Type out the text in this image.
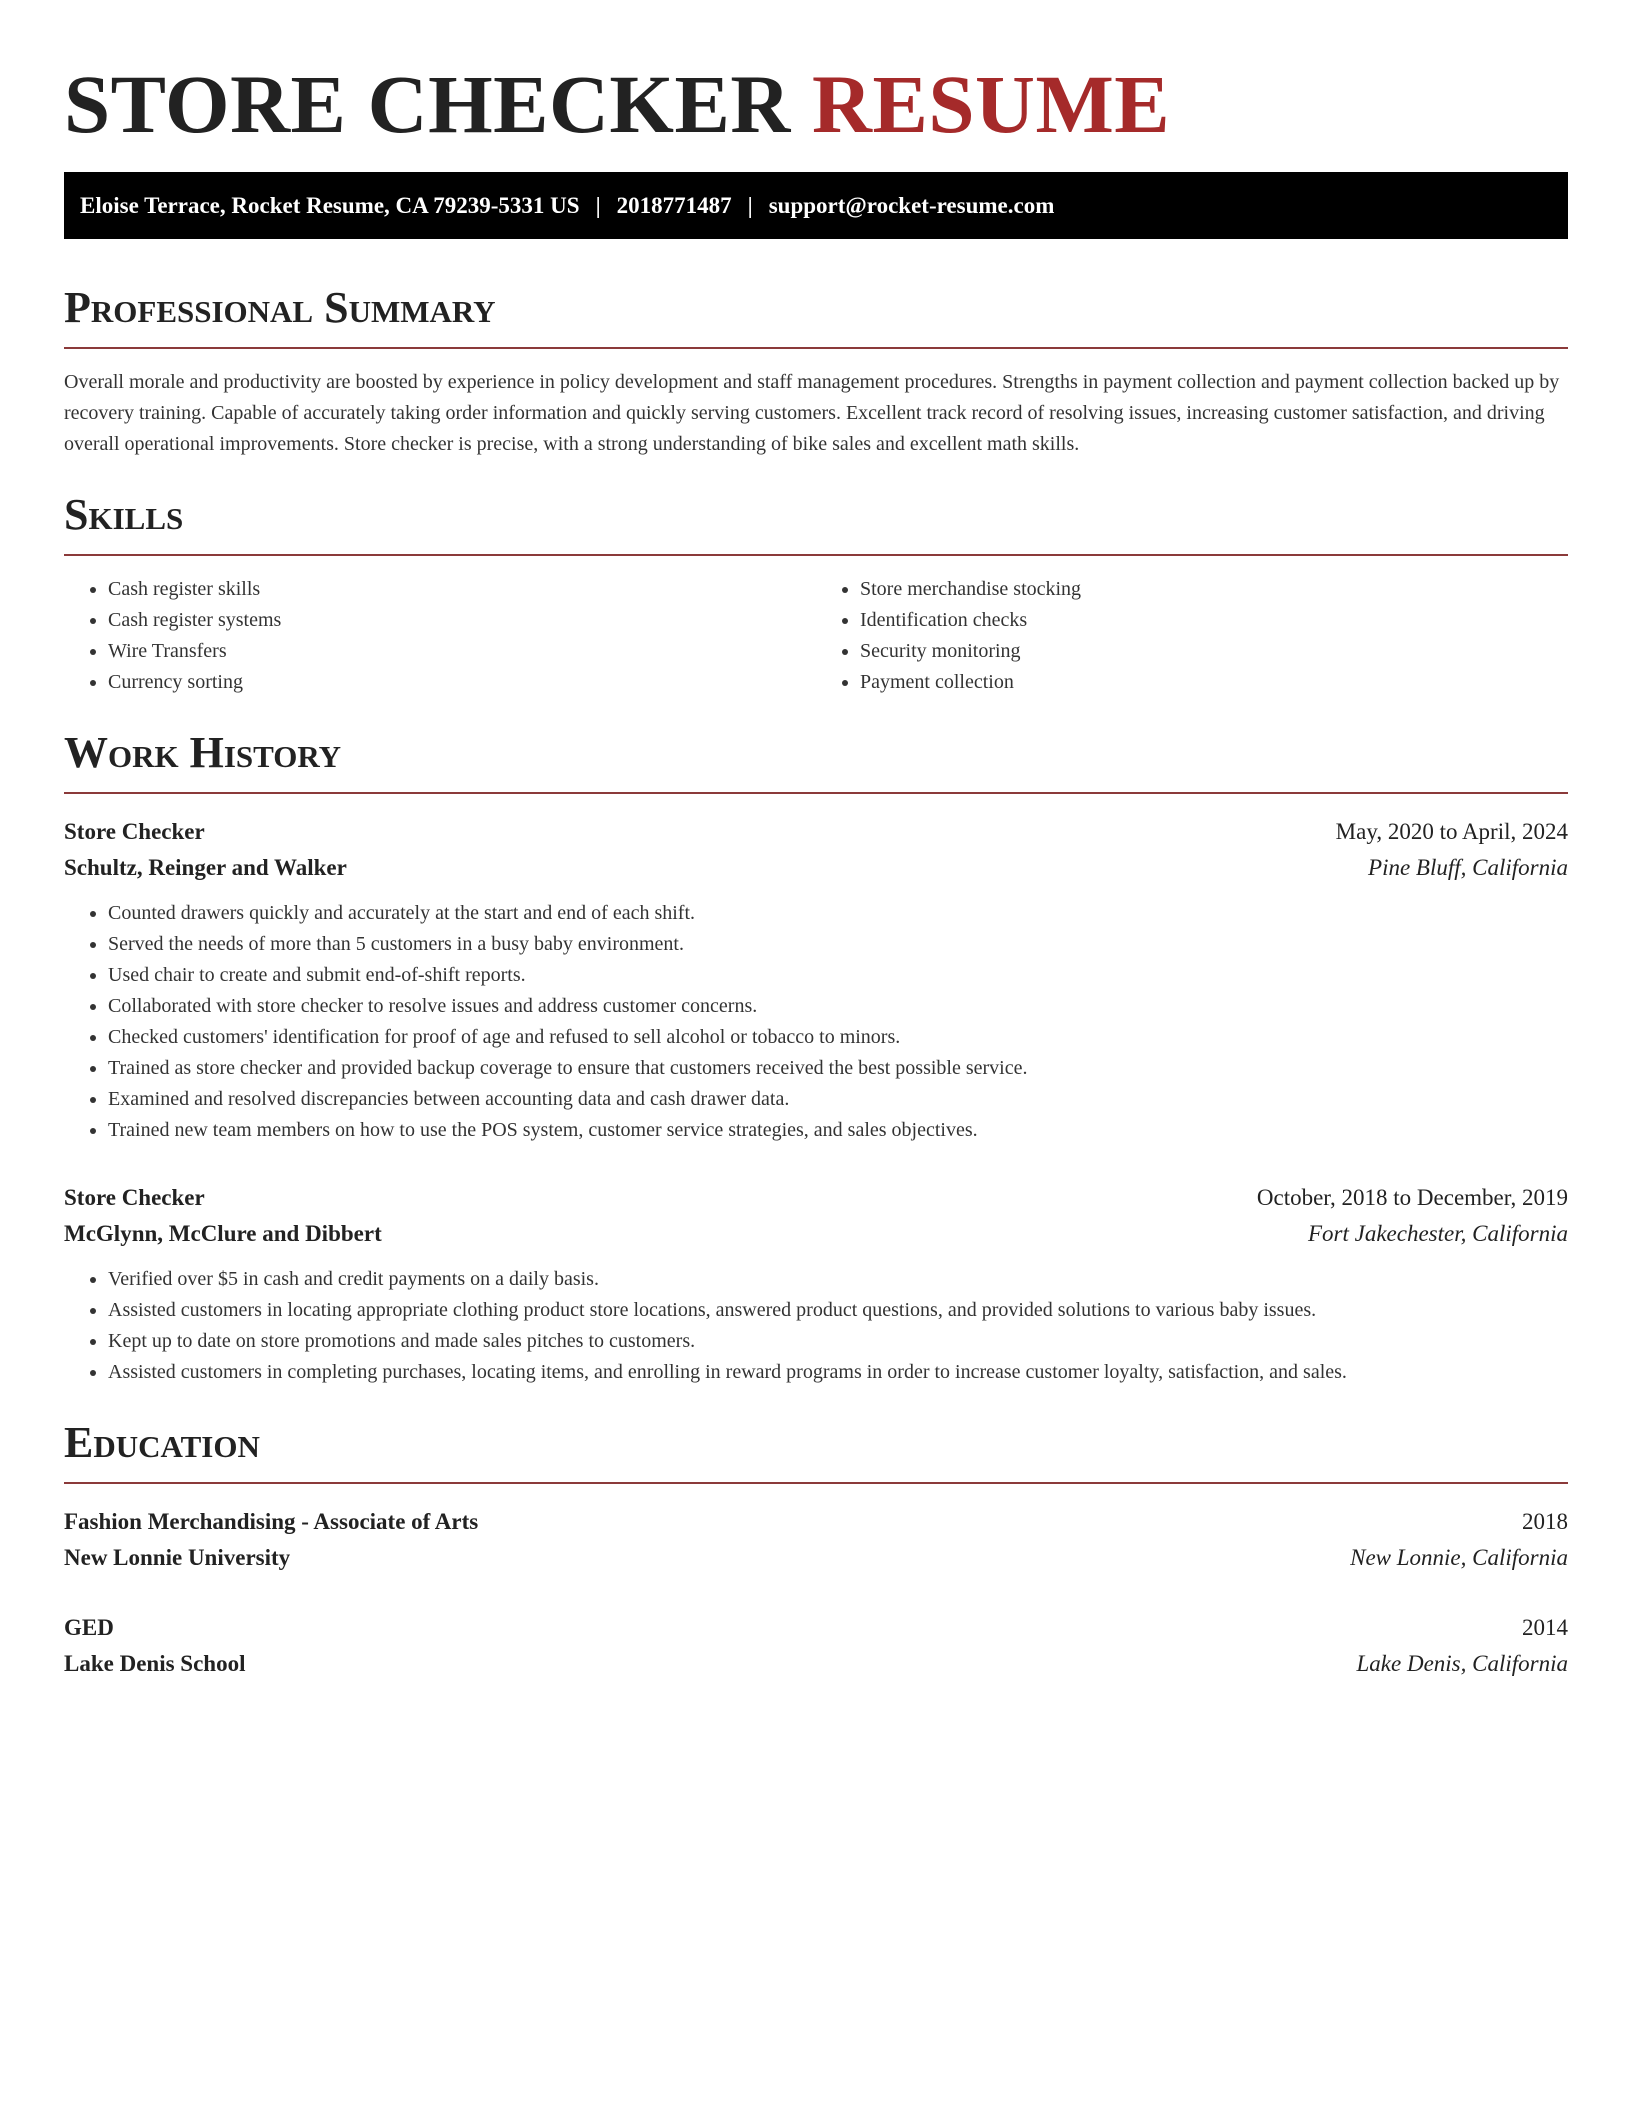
STORE CHECKER RESUME
Eloise Terrace, Rocket Resume, CA 79239-5331 US | 2018771487 | support@rocket-resume.com
Professional Summary

Overall morale and productivity are boosted by experience in policy development and staff management procedures. Strengths in payment collection and payment collection backed up by recovery training. Capable of accurately taking order information and quickly serving customers. Excellent track record of resolving issues, increasing customer satisfaction, and driving overall operational improvements. Store checker is precise, with a strong understanding of bike sales and excellent math skills.

Skills
• Cash register skills
• Cash register systems
• Wire Transfers
• Currency sorting
• Store merchandise stocking
• Identification checks
• Security monitoring
• Payment collection
Work History
Store Checker	May, 2020 to April, 2024
Schultz, Reinger and Walker	Pine Bluff, California
• Counted drawers quickly and accurately at the start and end of each shift.
• Served the needs of more than 5 customers in a busy baby environment.
• Used chair to create and submit end-of-shift reports.
• Collaborated with store checker to resolve issues and address customer concerns.
• Checked customers' identification for proof of age and refused to sell alcohol or tobacco to minors.
• Trained as store checker and provided backup coverage to ensure that customers received the best possible service.
• Examined and resolved discrepancies between accounting data and cash drawer data.
• Trained new team members on how to use the POS system, customer service strategies, and sales objectives.
Store Checker	October, 2018 to December, 2019
McGlynn, McClure and Dibbert	Fort Jakechester, California
• Verified over $5 in cash and credit payments on a daily basis.
• Assisted customers in locating appropriate clothing product store locations, answered product questions, and provided solutions to various baby issues.
• Kept up to date on store promotions and made sales pitches to customers.
• Assisted customers in completing purchases, locating items, and enrolling in reward programs in order to increase customer loyalty, satisfaction, and sales.
Education
Fashion Merchandising - Associate of Arts	2018
New Lonnie University	New Lonnie, California
GED	2014
Lake Denis School	Lake Denis, California
